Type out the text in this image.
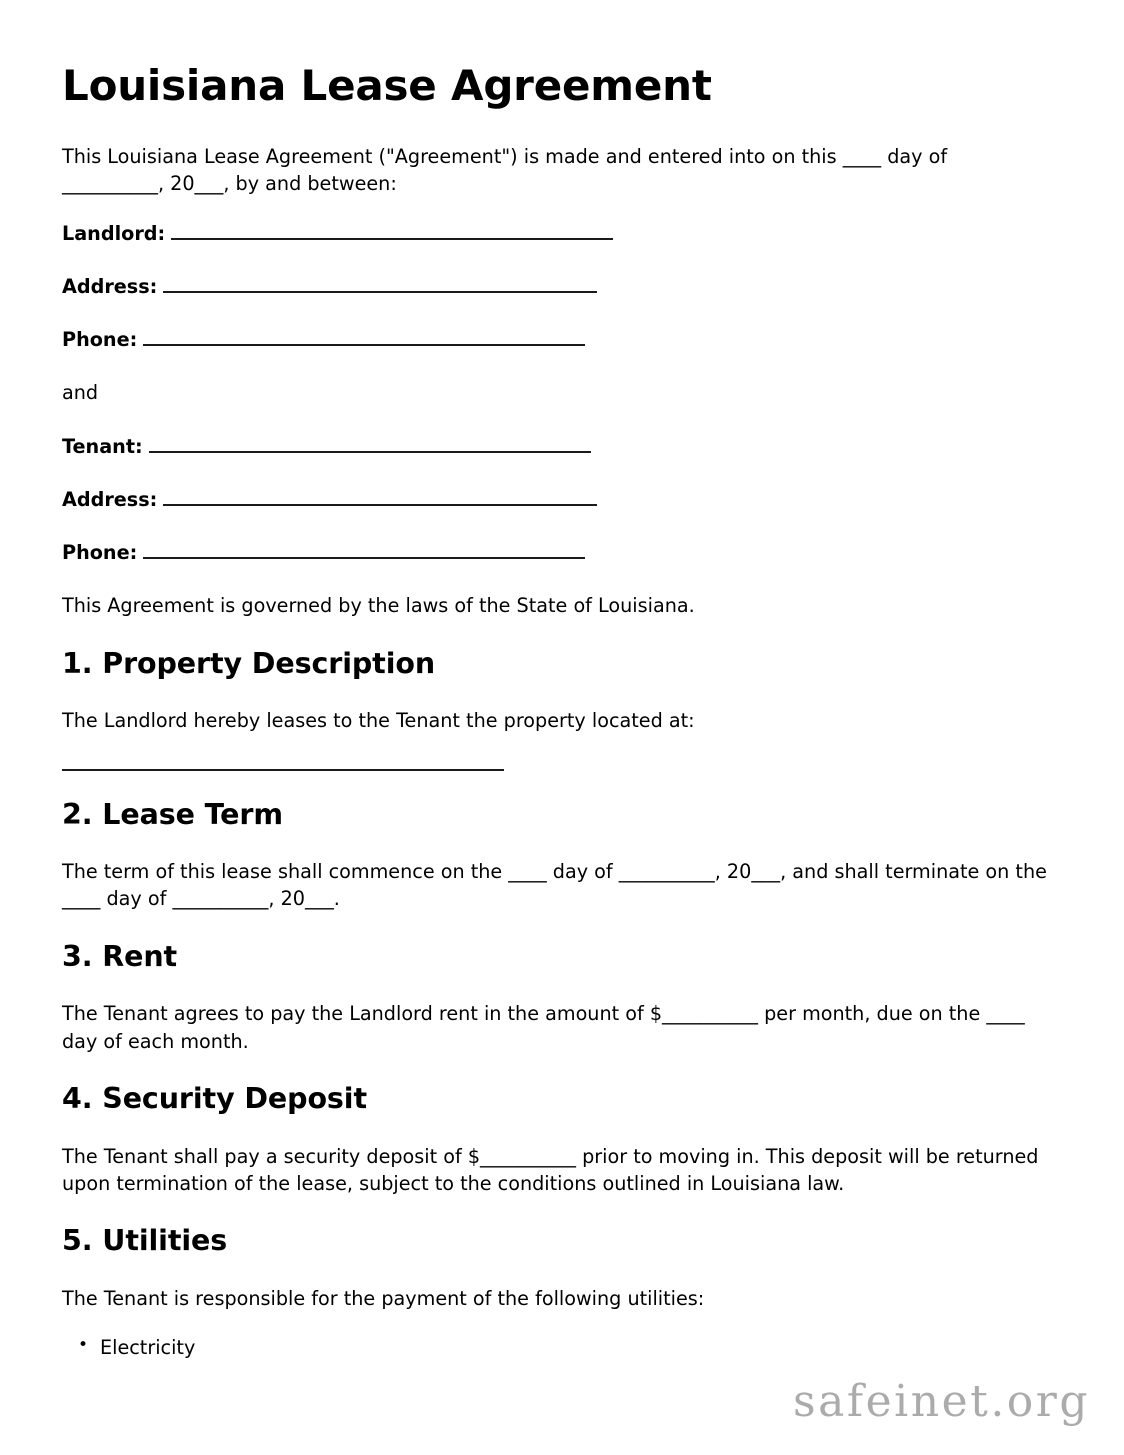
Louisiana Lease Agreement

This Louisiana Lease Agreement ("Agreement") is made and entered into on this ____ day of __________, 20___, by and between:

Landlord:
Address:
Phone:
and
Tenant:
Address:
Phone:

This Agreement is governed by the laws of the State of Louisiana.

1. Property Description

The Landlord hereby leases to the Tenant the property located at:

2. Lease Term

The term of this lease shall commence on the ____ day of __________, 20___, and shall terminate on the ____ day of __________, 20___.

3. Rent

The Tenant agrees to pay the Landlord rent in the amount of $__________ per month, due on the ____ day of each month.

4. Security Deposit

The Tenant shall pay a security deposit of $__________ prior to moving in. This deposit will be returned upon termination of the lease, subject to the conditions outlined in Louisiana law.

5. Utilities

The Tenant is responsible for the payment of the following utilities:

• Electricity
safeinet.org
